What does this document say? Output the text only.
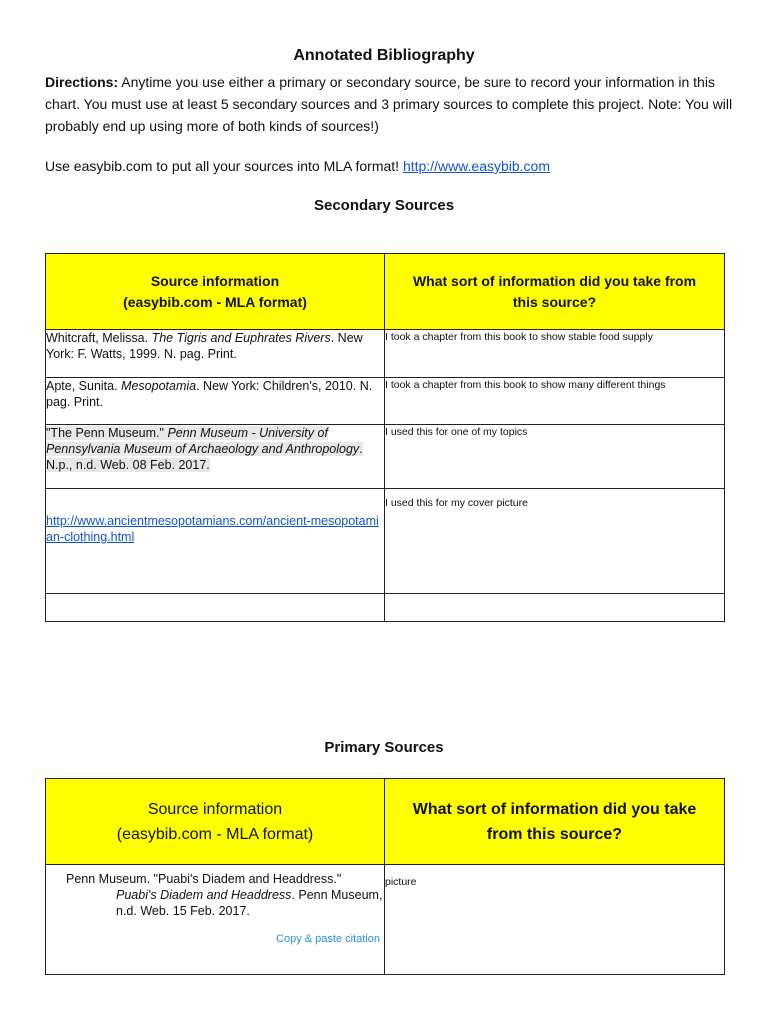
Annotated Bibliography
Directions: Anytime you use either a primary or secondary source, be sure to record your information in this chart. You must use at least 5 secondary sources and 3 primary sources to complete this project. Note: You will probably end up using more of both kinds of sources!)
Use easybib.com to put all your sources into MLA format! http://www.easybib.com
Secondary Sources
Source information
(easybib.com - MLA format)	What sort of information did you take from this source?
Whitcraft, Melissa. The Tigris and Euphrates Rivers. New York: F. Watts, 1999. N. pag. Print.	I took a chapter from this book to show stable food supply
Apte, Sunita. Mesopotamia. New York: Children's, 2010. N. pag. Print.	I took a chapter from this book to show many different things
"The Penn Museum." Penn Museum - University of Pennsylvania Museum of Archaeology and Anthropology. N.p., n.d. Web. 08 Feb. 2017.	I used this for one of my topics
http://www.ancientmesopotamians.com/ancient-mesopotamian-clothing.html	I used this for my cover picture

Primary Sources
Source information
(easybib.com - MLA format)	What sort of information did you take from this source?

Penn Museum. "Puabi's Diadem and Headdress." Puabi's Diadem and Headdress. Penn Museum, n.d. Web. 15 Feb. 2017.
Copy & paste citation	picture
